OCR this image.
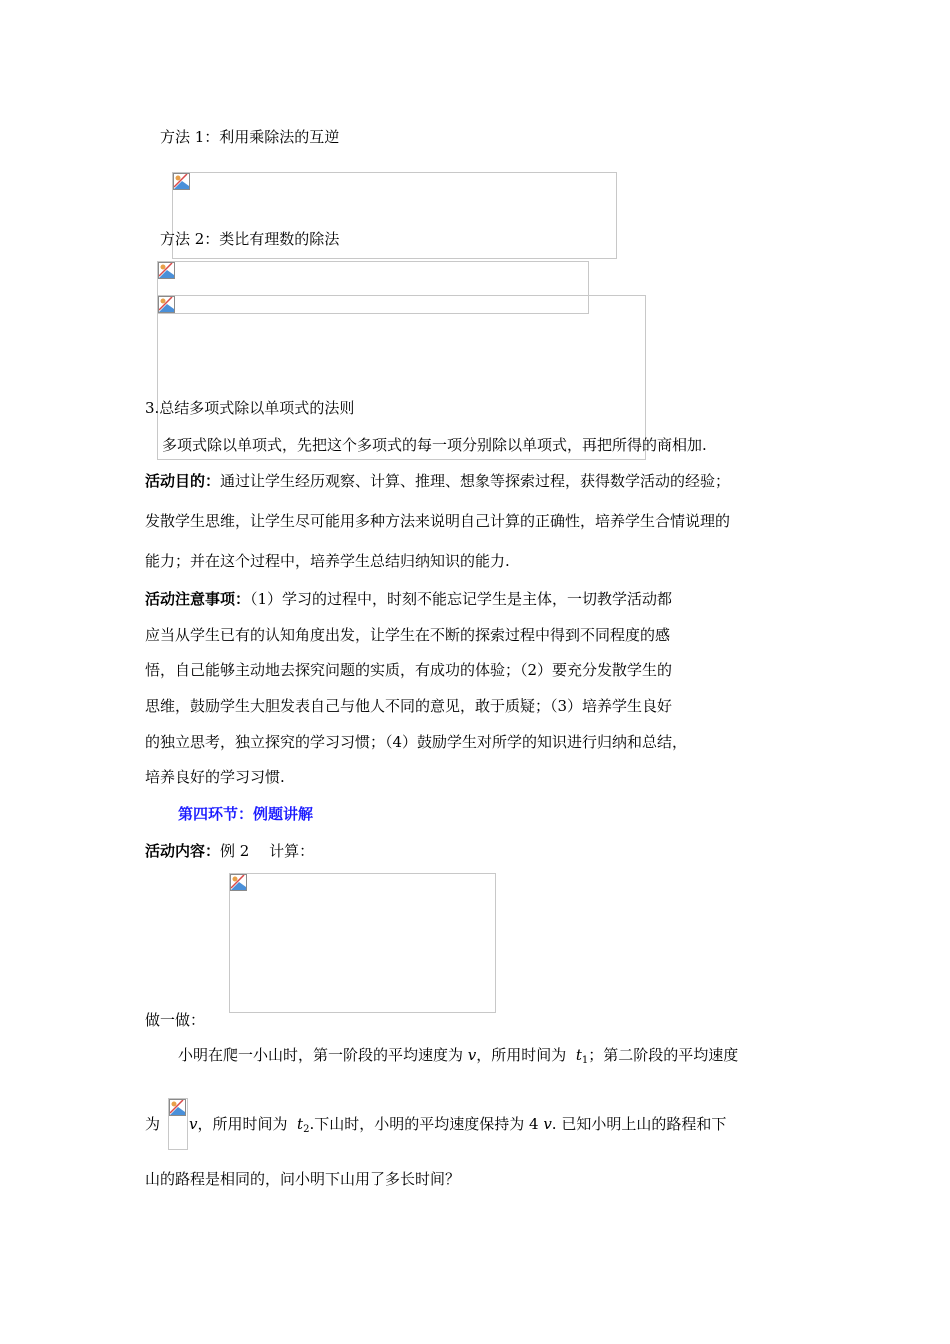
方法 1：利用乘除法的互逆
方法 2：类比有理数的除法
3.总结多项式除以单项式的法则
多项式除以单项式，先把这个多项式的每一项分别除以单项式，再把所得的商相加.
活动目的：通过让学生经历观察、计算、推理、想象等探索过程，获得数学活动的经验；
发散学生思维，让学生尽可能用多种方法来说明自己计算的正确性，培养学生合情说理的
能力；并在这个过程中，培养学生总结归纳知识的能力.
活动注意事项：（1）学习的过程中，时刻不能忘记学生是主体，一切教学活动都
应当从学生已有的认知角度出发，让学生在不断的探索过程中得到不同程度的感
悟，自己能够主动地去探究问题的实质，有成功的体验；（2）要充分发散学生的
思维，鼓励学生大胆发表自己与他人不同的意见，敢于质疑；（3）培养学生良好
的独立思考，独立探究的学习习惯；（4）鼓励学生对所学的知识进行归纳和总结，
培养良好的学习习惯.
第四环节：例题讲解
活动内容：例 2　 计算：
做一做：
小明在爬一小山时，第一阶段的平均速度为 v，所用时间为  $t_1$；第二阶段的平均速度
为 v，所用时间为  $t_2$.下山时，小明的平均速度保持为 4 v. 已知小明上山的路程和下
山的路程是相同的，问小明下山用了多长时间？
